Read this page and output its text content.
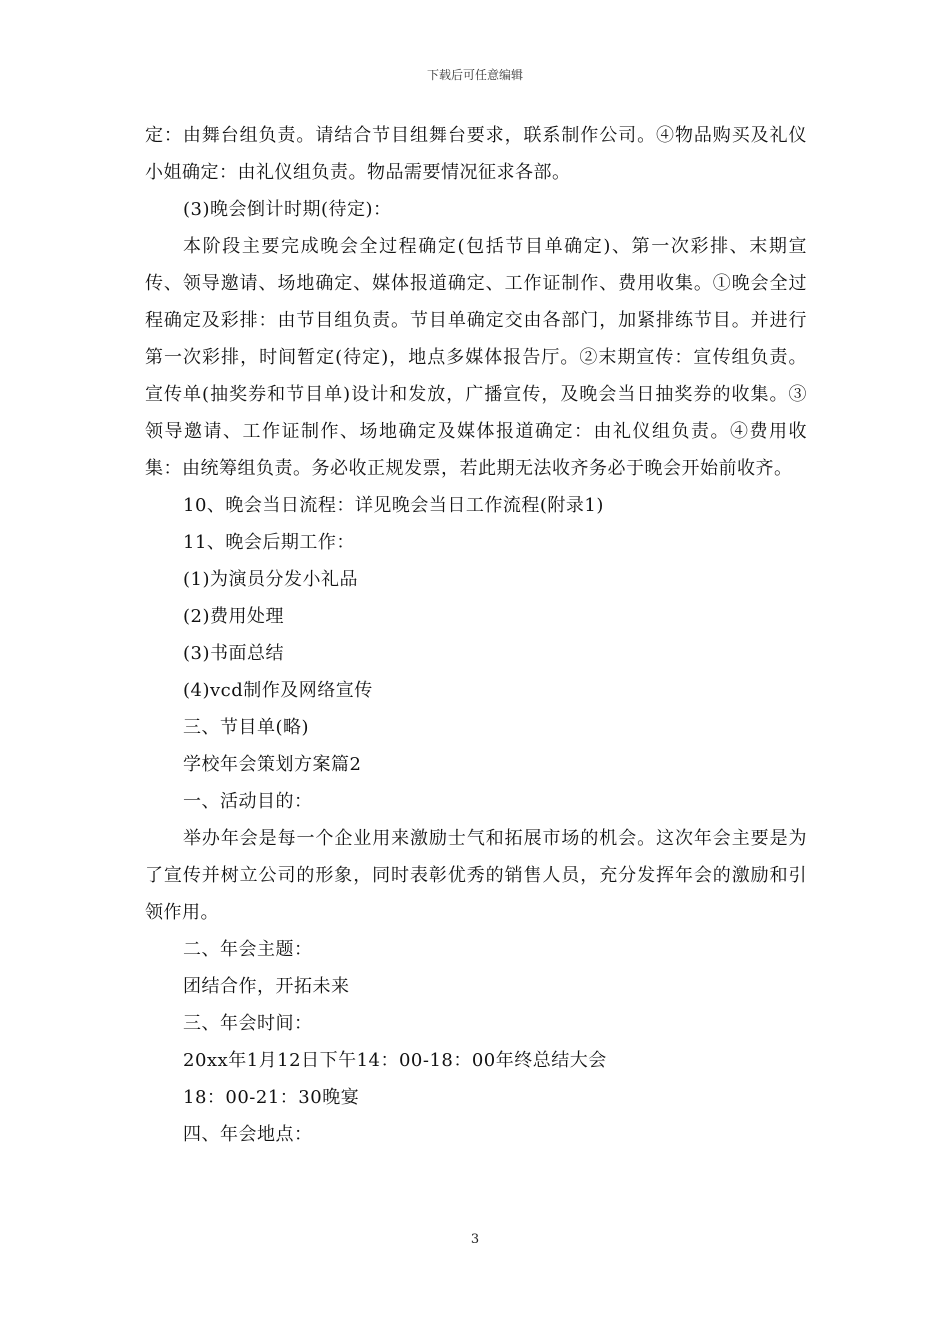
下载后可任意编辑

定：由舞台组负责。请结合节目组舞台要求，联系制作公司。④物品购买及礼仪小姐确定：由礼仪组负责。物品需要情况征求各部。

(3)晚会倒计时期(待定)：

本阶段主要完成晚会全过程确定(包括节目单确定)、第一次彩排、末期宣传、领导邀请、场地确定、媒体报道确定、工作证制作、费用收集。①晚会全过程确定及彩排：由节目组负责。节目单确定交由各部门，加紧排练节目。并进行第一次彩排，时间暂定(待定)，地点多媒体报告厅。②末期宣传：宣传组负责。宣传单(抽奖券和节目单)设计和发放，广播宣传，及晚会当日抽奖券的收集。③领导邀请、工作证制作、场地确定及媒体报道确定：由礼仪组负责。④费用收集：由统筹组负责。务必收正规发票，若此期无法收齐务必于晚会开始前收齐。

10、晚会当日流程：详见晚会当日工作流程(附录1)

11、晚会后期工作：

(1)为演员分发小礼品

(2)费用处理

(3)书面总结

(4)vcd制作及网络宣传

三、节目单(略)

学校年会策划方案篇2

一、活动目的：

举办年会是每一个企业用来激励士气和拓展市场的机会。这次年会主要是为了宣传并树立公司的形象，同时表彰优秀的销售人员，充分发挥年会的激励和引领作用。

二、年会主题：

团结合作，开拓未来

三、年会时间：

20xx年1月12日下午14：00-18：00年终总结大会

18：00-21：30晚宴

四、年会地点：

3
